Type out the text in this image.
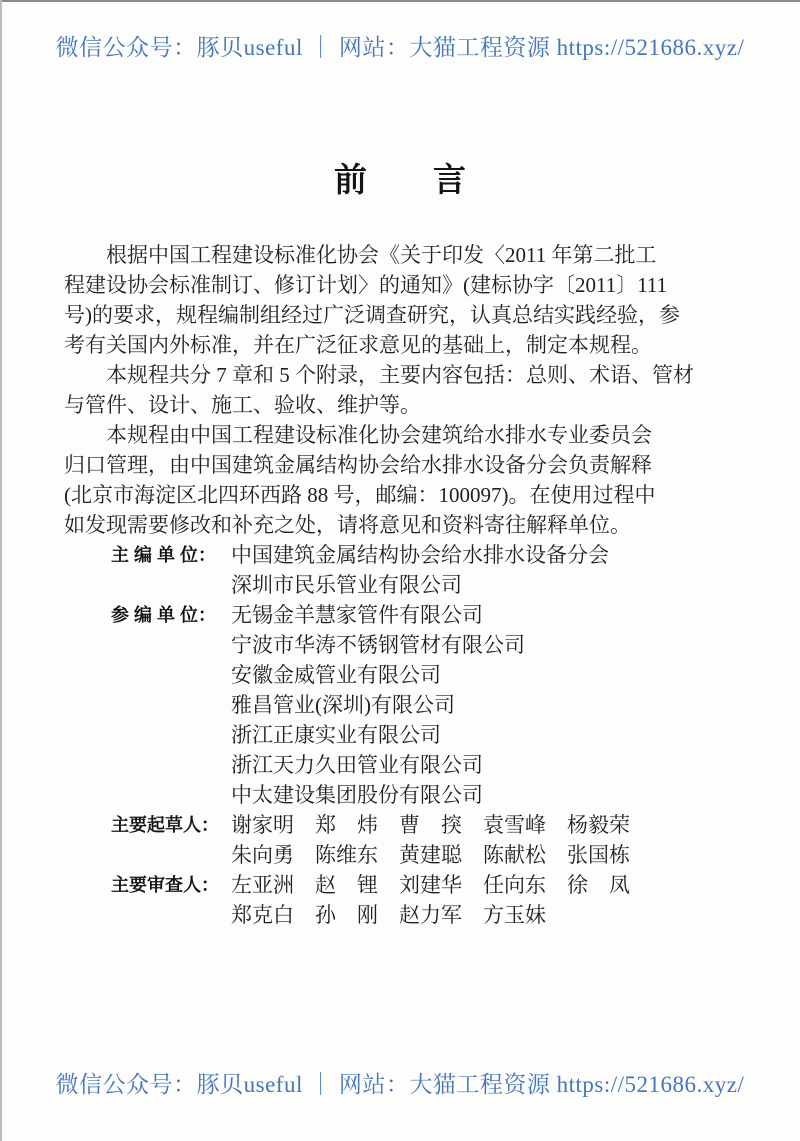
微信公众号：豚贝useful ｜ 网站：大猫工程资源 https://521686.xyz/
前　　言
　　根据中国工程建设标准化协会《关于印发〈2011 年第二批工
程建设协会标准制订、修订计划〉的通知》(建标协字〔2011〕111
号)的要求，规程编制组经过广泛调查研究，认真总结实践经验，参
考有关国内外标准，并在广泛征求意见的基础上，制定本规程。
　　本规程共分 7 章和 5 个附录，主要内容包括：总则、术语、管材
与管件、设计、施工、验收、维护等。
　　本规程由中国工程建设标准化协会建筑给水排水专业委员会
归口管理，由中国建筑金属结构协会给水排水设备分会负责解释
(北京市海淀区北四环西路 88 号，邮编：100097)。在使用过程中
如发现需要修改和补充之处，请将意见和资料寄往解释单位。
主 编 单 位： 中国建筑金属结构协会给水排水设备分会
深圳市民乐管业有限公司
参 编 单 位： 无锡金羊慧家管件有限公司
宁波市华涛不锈钢管材有限公司
安徽金威管业有限公司
雅昌管业(深圳)有限公司
浙江正康实业有限公司
浙江天力久田管业有限公司
中太建设集团股份有限公司
主要起草人： 谢家明　郑　炜　曹　揬　袁雪峰　杨毅荣
朱向勇　陈维东　黄建聪　陈献松　张国栋
主要审查人： 左亚洲　赵　锂　刘建华　任向东　徐　凤
郑克白　孙　刚　赵力军　方玉妹
微信公众号：豚贝useful ｜ 网站：大猫工程资源 https://521686.xyz/
